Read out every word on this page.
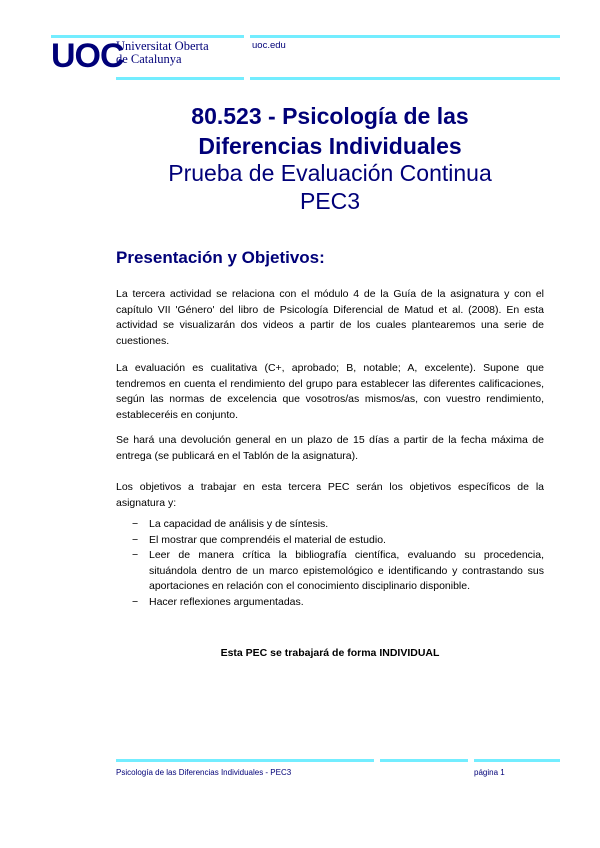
UOC
Universitat Oberta
de Catalunya
uoc.edu
80.523 - Psicología de las
Diferencias Individuales
Prueba de Evaluación Continua
PEC3
Presentación y Objetivos:

La tercera actividad se relaciona con el módulo 4 de la Guía de la asignatura y con el capítulo VII 'Género' del libro de Psicología Diferencial de Matud et al. (2008). En esta actividad se visualizarán dos videos a partir de los cuales plantearemos una serie de cuestiones.

La evaluación es cualitativa (C+, aprobado; B, notable; A, excelente). Supone que tendremos en cuenta el rendimiento del grupo para establecer las diferentes calificaciones, según las normas de excelencia que vosotros/as mismos/as, con vuestro rendimiento, estableceréis en conjunto.

Se hará una devolución general en un plazo de 15 días a partir de la fecha máxima de entrega (se publicará en el Tablón de la asignatura).

Los objetivos a trabajar en esta tercera PEC serán los objetivos específicos de la asignatura y:

− La capacidad de análisis y de síntesis.
− El mostrar que comprendéis el material de estudio.
− Leer de manera crítica la bibliografía científica, evaluando su procedencia, situándola dentro de un marco epistemológico e identificando y contrastando sus aportaciones en relación con el conocimiento disciplinario disponible.
− Hacer reflexiones argumentadas.
Esta PEC se trabajará de forma INDIVIDUAL
Psicología de las Diferencias Individuales - PEC3	página 1
